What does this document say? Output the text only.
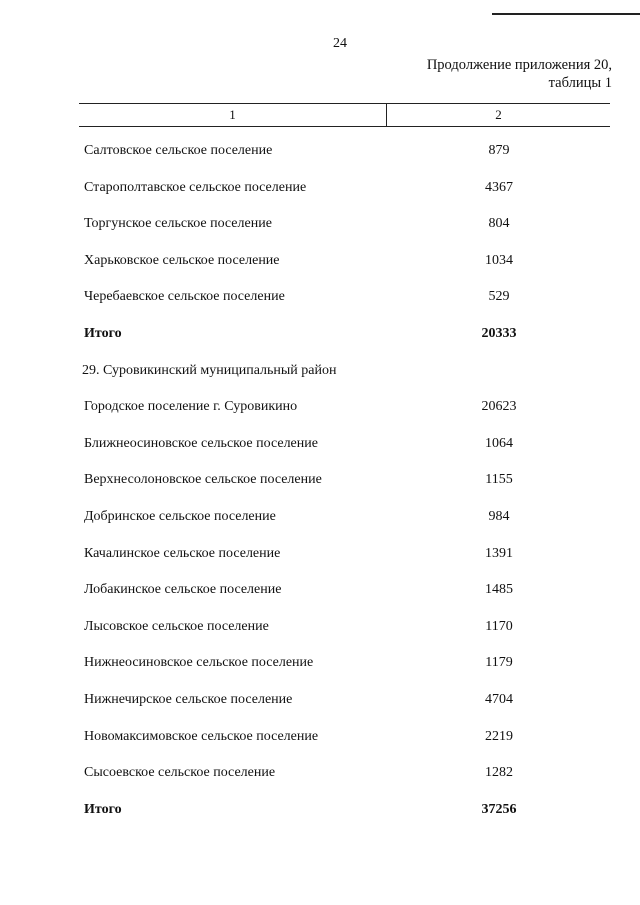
24
Продолжение приложения 20,
таблицы 1
1	2
Салтовское сельское поселение	879
Старополтавское сельское поселение	4367
Торгунское сельское поселение	804
Харьковское сельское поселение	1034
Черебаевское сельское поселение	529
Итого	20333
29. Суровикинский муниципальный район
Городское поселение г. Суровикино	20623
Ближнеосиновское сельское поселение	1064
Верхнесолоновское сельское поселение	1155
Добринское сельское поселение	984
Качалинское сельское поселение	1391
Лобакинское сельское поселение	1485
Лысовское сельское поселение	1170
Нижнеосиновское сельское поселение	1179
Нижнечирское сельское поселение	4704
Новомаксимовское сельское поселение	2219
Сысоевское сельское поселение	1282
Итого	37256
